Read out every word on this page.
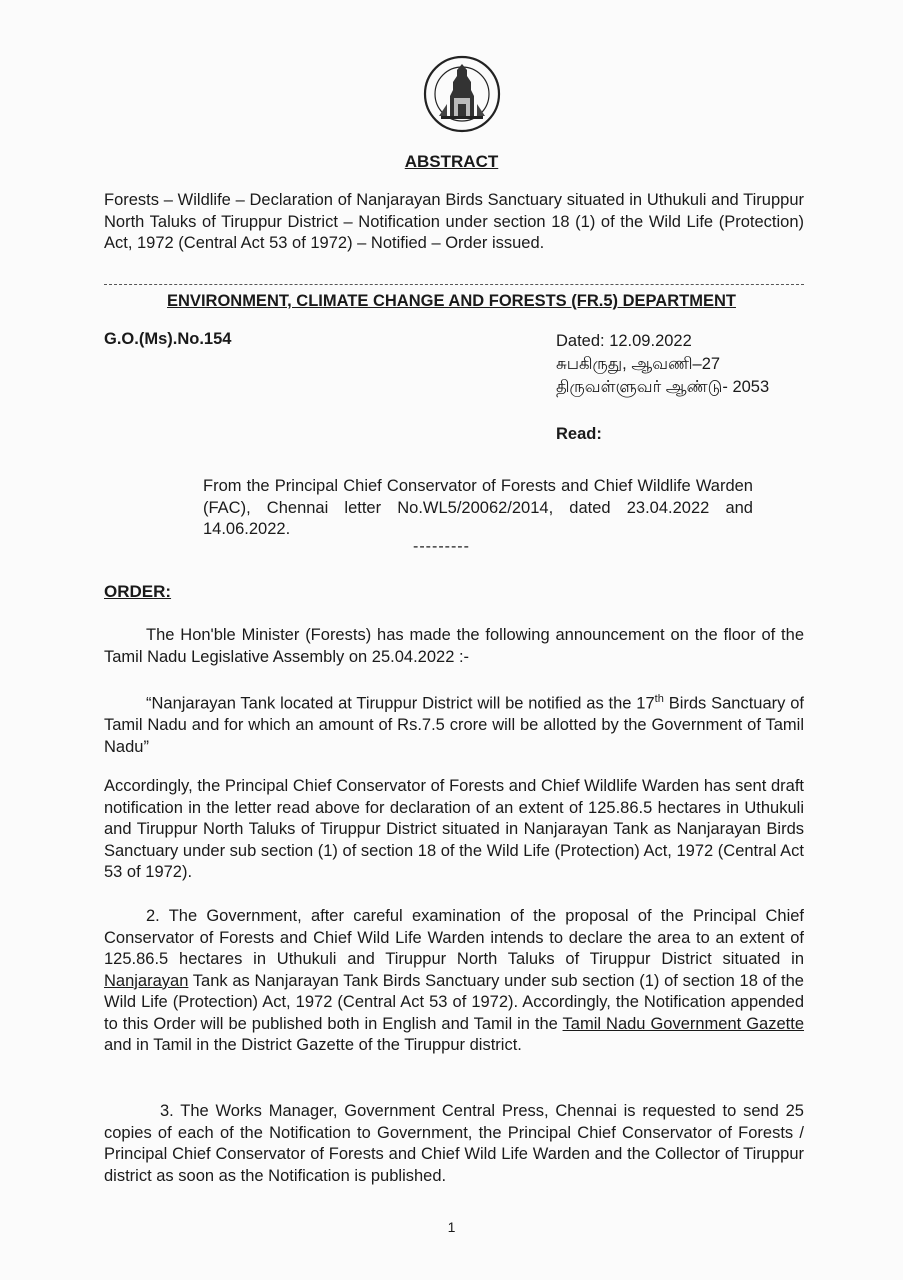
ABSTRACT

Forests – Wildlife – Declaration of Nanjarayan Birds Sanctuary situated in Uthukuli and Tiruppur North Taluks of Tiruppur District – Notification under section 18 (1) of the Wild Life (Protection) Act, 1972 (Central Act 53 of 1972) – Notified – Order issued.

ENVIRONMENT, CLIMATE CHANGE AND FORESTS (FR.5) DEPARTMENT
G.O.(Ms).No.154	Dated: 12.09.2022
சுபகிருது, ஆவணி–27
திருவள்ளுவர் ஆண்டு- 2053
Read:

From the Principal Chief Conservator of Forests and Chief Wildlife Warden (FAC), Chennai letter No.WL5/20062/2014, dated 23.04.2022 and 14.06.2022.

---------
ORDER:

The Hon'ble Minister (Forests) has made the following announcement on the floor of the Tamil Nadu Legislative Assembly on 25.04.2022 :-

“Nanjarayan Tank located at Tiruppur District will be notified as the 17th Birds Sanctuary of Tamil Nadu and for which an amount of Rs.7.5 crore will be allotted by the Government of Tamil Nadu”

Accordingly, the Principal Chief Conservator of Forests and Chief Wildlife Warden has sent draft notification in the letter read above for declaration of an extent of 125.86.5 hectares in Uthukuli and Tiruppur North Taluks of Tiruppur District situated in Nanjarayan Tank as Nanjarayan Birds Sanctuary under sub section (1) of section 18 of the Wild Life (Protection) Act, 1972 (Central Act 53 of 1972).

2. The Government, after careful examination of the proposal of the Principal Chief Conservator of Forests and Chief Wild Life Warden intends to declare the area to an extent of 125.86.5 hectares in Uthukuli and Tiruppur North Taluks of Tiruppur District situated in Nanjarayan Tank as Nanjarayan Tank Birds Sanctuary under sub section (1) of section 18 of the Wild Life (Protection) Act, 1972 (Central Act 53 of 1972). Accordingly, the Notification appended to this Order will be published both in English and Tamil in the Tamil Nadu Government Gazette and in Tamil in the District Gazette of the Tiruppur district.

3. The Works Manager, Government Central Press, Chennai is requested to send 25 copies of each of the Notification to Government, the Principal Chief Conservator of Forests / Principal Chief Conservator of Forests and Chief Wild Life Warden and the Collector of Tiruppur district as soon as the Notification is published.

1
